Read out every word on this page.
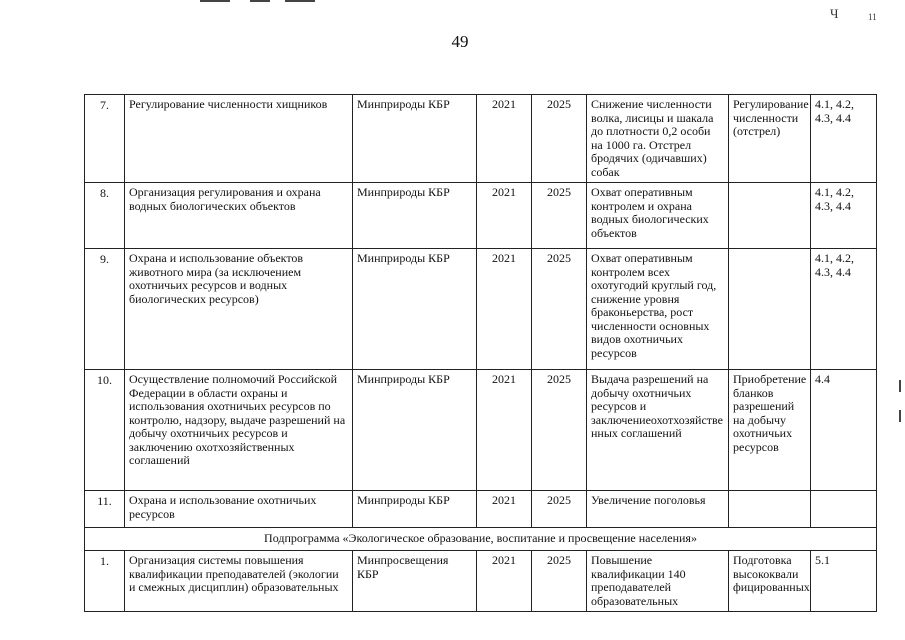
49
Ч	11
7.	Регулирование численности хищников	Минприроды КБР	2021	2025	Снижение численности волка, лисицы и шакала до плотности 0,2 особи на 1000 га. Отстрел бродячих (одичавших) собак	Регулирование численности (отстрел)	4.1, 4.2, 4.3, 4.4
8.	Организация регулирования и охрана водных биологических объектов	Минприроды КБР	2021	2025	Охват оперативным контролем и охрана водных биологических объектов		4.1, 4.2, 4.3, 4.4
9.	Охрана и использование объектов животного мира (за исключением охотничьих ресурсов и водных биологических ресурсов)	Минприроды КБР	2021	2025	Охват оперативным контролем всех охотугодий круглый год, снижение уровня браконьерства, рост численности основных видов охотничьих ресурсов		4.1, 4.2, 4.3, 4.4
10.	Осуществление полномочий Российской Федерации в области охраны и использования охотничьих ресурсов по контролю, надзору, выдаче разрешений на добычу охотничьих ресурсов и заключению охотхозяйственных соглашений	Минприроды КБР	2021	2025	Выдача разрешений на добычу охотничьих ресурсов и заключениеохотхозяйстве нных соглашений	Приобретение бланков разрешений на добычу охотничьих ресурсов	4.4
11.	Охрана и использование охотничьих ресурсов	Минприроды КБР	2021	2025	Увеличение поголовья		
Подпрограмма «Экологическое образование, воспитание и просвещение населения»							
1.	Организация системы повышения квалификации преподавателей (экологии и смежных дисциплин) образовательных	Минпросвещения КБР	2021	2025	Повышение квалификации 140 преподавателей образовательных	Подготовка высококвали фицированных	5.1
